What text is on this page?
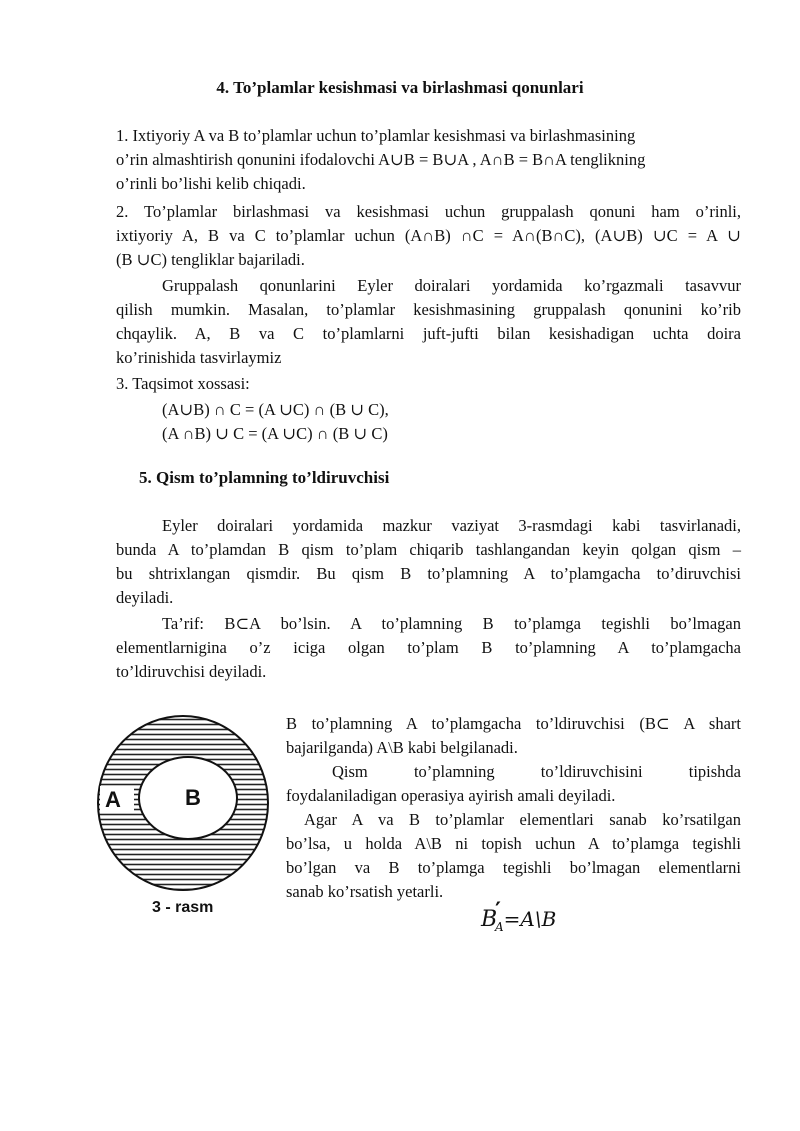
4. To’plamlar kesishmasi va birlashmasi qonunlari
1. Ixtiyoriy A va B to’plamlar uchun to’plamlar kesishmasi va birlashmasining
o’rin almashtirish qonunini ifodalovchi A∪B = B∪A , A∩B = B∩A tenglikning
o’rinli bo’lishi kelib chiqadi.
2. To’plamlar birlashmasi va kesishmasi uchun gruppalash qonuni ham o’rinli,
ixtiyoriy A, B va C to’plamlar uchun (A∩B) ∩C = A∩(B∩C), (A∪B) ∪C = A ∪
(B ∪C) tengliklar bajariladi.
Gruppalash qonunlarini Eyler doiralari yordamida ko’rgazmali tasavvur
qilish mumkin. Masalan, to’plamlar kesishmasining gruppalash qonunini ko’rib
chqaylik. A, B va C to’plamlarni juft-jufti bilan kesishadigan uchta doira
ko’rinishida tasvirlaymiz
3. Taqsimot xossasi:
(A∪B) ∩ C = (A ∪C) ∩ (B ∪ C),
(A ∩B) ∪ C = (A ∪C) ∩ (B ∪ C)
5. Qism to’plamning to’ldiruvchisi
Eyler doiralari yordamida mazkur vaziyat 3-rasmdagi kabi tasvirlanadi,
bunda A to’plamdan B qism to’plam chiqarib tashlangandan keyin qolgan qism –
bu shtrixlangan qismdir. Bu qism B to’plamning A to’plamgacha to’diruvchisi
deyiladi.
Ta’rif: B⊂A bo’lsin. A to’plamning B to’plamga tegishli bo’lmagan
elementlarnigina o’z iciga olgan to’plam B to’plamning A to’plamgacha
to’ldiruvchisi deyiladi.
A	B
3 - rasm
B to’plamning A to’plamgacha to’ldiruvchisi (B⊂ A shart
bajarilganda) A\B kabi belgilanadi.
Qism to’plamning to’ldiruvchisini tipishda
foydalaniladigan operasiya ayirish amali deyiladi.
Agar A va B to’plamlar elementlari sanab ko’rsatilgan
bo’lsa, u holda A\B ni topish uchun A to’plamga tegishli
bo’lgan va B to’plamga tegishli bo’lmagan elementlarni
sanab ko’rsatish yetarli.
$B'_A=A\backslash B$
